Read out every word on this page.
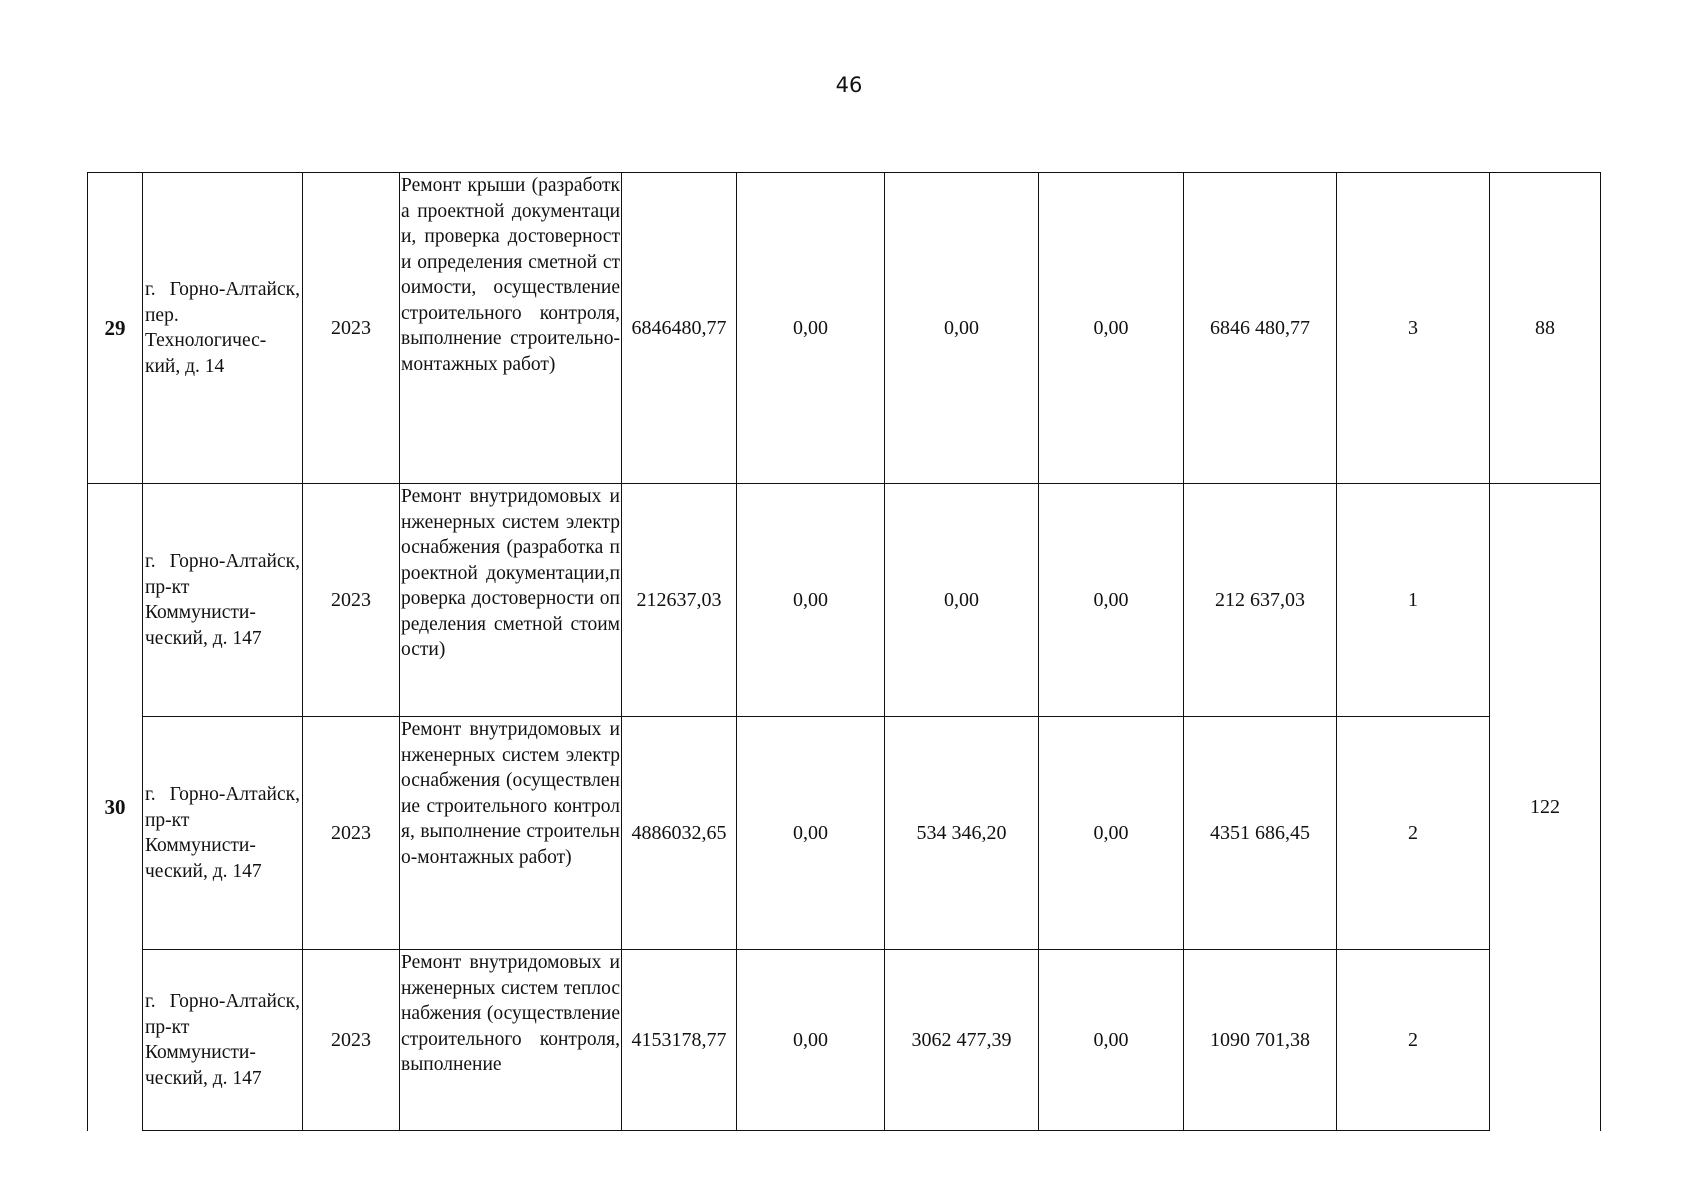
46
29	г. Горно-Алтайск, пер. Технологичес-кий, д. 14	2023	Ремонт крыши (разработка проектной документации, проверка достоверности определения сметной стоимости, осуществление строительного контроля, выполнение строительно-монтажных работ)	6846480,77	0,00	0,00	0,00	6846 480,77	3	88
30	г. Горно-Алтайск, пр-кт Коммунисти-ческий, д. 147	2023	Ремонт внутридомовых инженерных систем электроснабжения (разработка проектной документации,проверка достоверности определения сметной стоимости)	212637,03	0,00	0,00	0,00	212 637,03	1	122
	г. Горно-Алтайск, пр-кт Коммунисти-ческий, д. 147	2023	Ремонт внутридомовых инженерных систем электроснабжения (осуществление строительного контроля, выполнение строительно-монтажных работ)	4886032,65	0,00	534 346,20	0,00	4351 686,45	2	
	г. Горно-Алтайск, пр-кт Коммунисти-ческий, д. 147	2023	Ремонт внутридомовых инженерных систем теплоснабжения (осуществление строительного контроля, выполнение	4153178,77	0,00	3062 477,39	0,00	1090 701,38	2	
